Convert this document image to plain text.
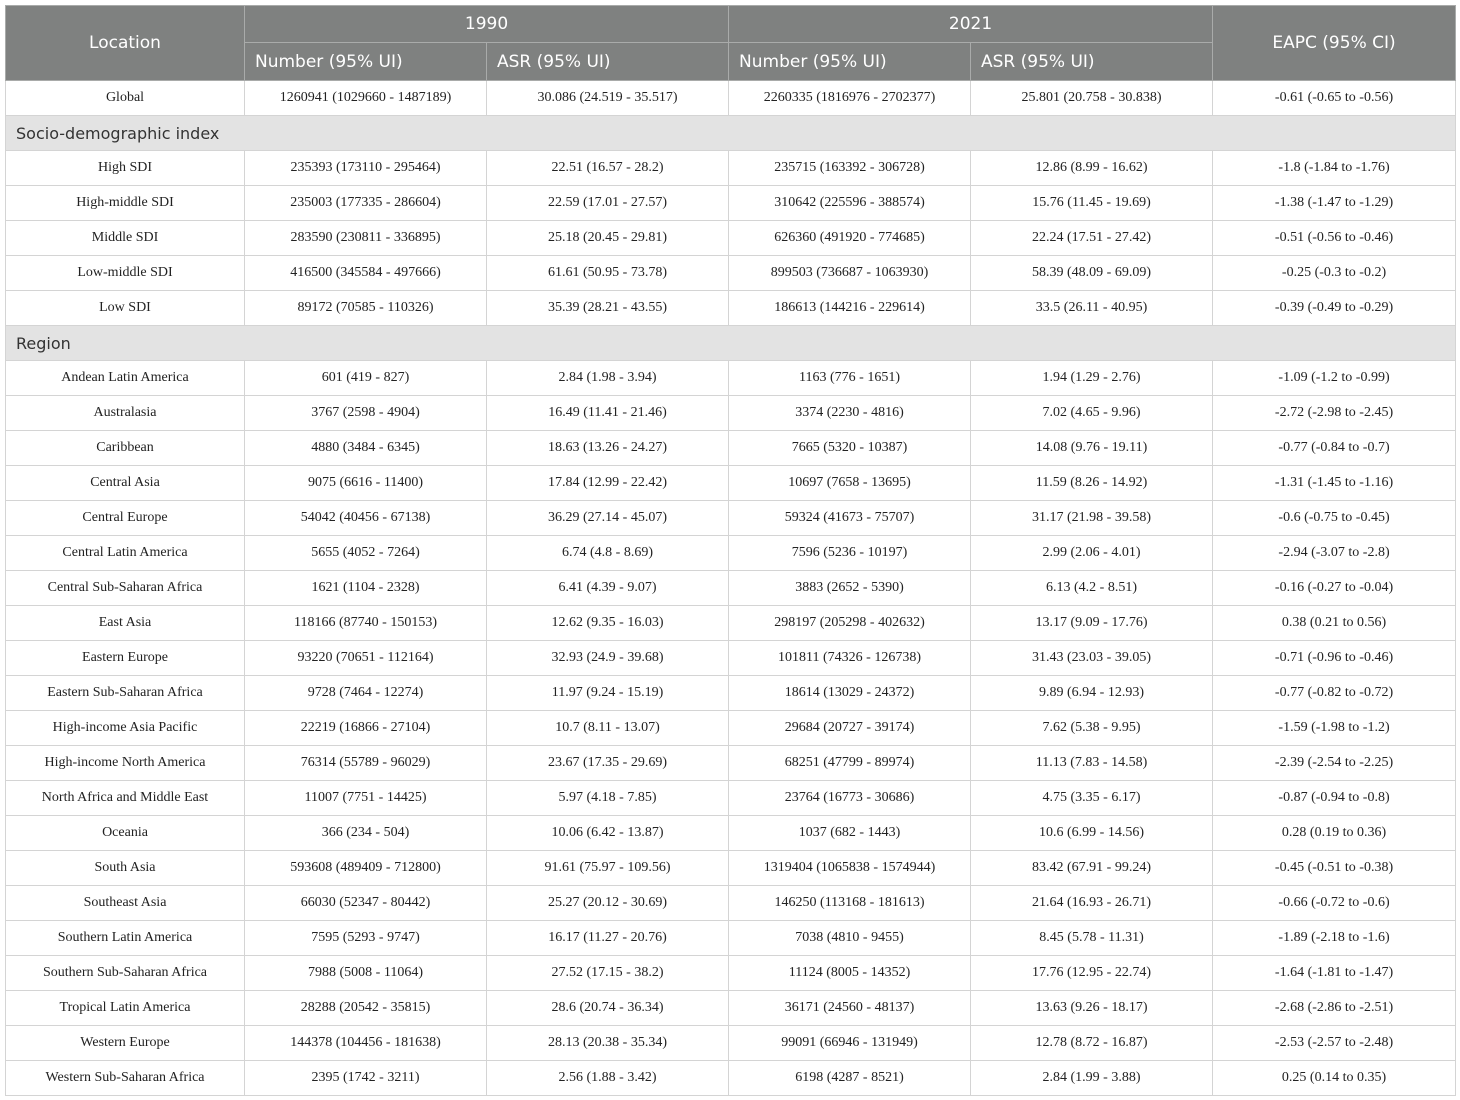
Location	1990		2021		EAPC (95% CI)
	Number (95% UI)	ASR (95% UI)	Number (95% UI)	ASR (95% UI)	
Global	1260941 (1029660 - 1487189)	30.086 (24.519 - 35.517)	2260335 (1816976 - 2702377)	25.801 (20.758 - 30.838)	-0.61 (-0.65 to -0.56)
Socio-demographic index					
High SDI	235393 (173110 - 295464)	22.51 (16.57 - 28.2)	235715 (163392 - 306728)	12.86 (8.99 - 16.62)	-1.8 (-1.84 to -1.76)
High-middle SDI	235003 (177335 - 286604)	22.59 (17.01 - 27.57)	310642 (225596 - 388574)	15.76 (11.45 - 19.69)	-1.38 (-1.47 to -1.29)
Middle SDI	283590 (230811 - 336895)	25.18 (20.45 - 29.81)	626360 (491920 - 774685)	22.24 (17.51 - 27.42)	-0.51 (-0.56 to -0.46)
Low-middle SDI	416500 (345584 - 497666)	61.61 (50.95 - 73.78)	899503 (736687 - 1063930)	58.39 (48.09 - 69.09)	-0.25 (-0.3 to -0.2)
Low SDI	89172 (70585 - 110326)	35.39 (28.21 - 43.55)	186613 (144216 - 229614)	33.5 (26.11 - 40.95)	-0.39 (-0.49 to -0.29)
Region					
Andean Latin America	601 (419 - 827)	2.84 (1.98 - 3.94)	1163 (776 - 1651)	1.94 (1.29 - 2.76)	-1.09 (-1.2 to -0.99)
Australasia	3767 (2598 - 4904)	16.49 (11.41 - 21.46)	3374 (2230 - 4816)	7.02 (4.65 - 9.96)	-2.72 (-2.98 to -2.45)
Caribbean	4880 (3484 - 6345)	18.63 (13.26 - 24.27)	7665 (5320 - 10387)	14.08 (9.76 - 19.11)	-0.77 (-0.84 to -0.7)
Central Asia	9075 (6616 - 11400)	17.84 (12.99 - 22.42)	10697 (7658 - 13695)	11.59 (8.26 - 14.92)	-1.31 (-1.45 to -1.16)
Central Europe	54042 (40456 - 67138)	36.29 (27.14 - 45.07)	59324 (41673 - 75707)	31.17 (21.98 - 39.58)	-0.6 (-0.75 to -0.45)
Central Latin America	5655 (4052 - 7264)	6.74 (4.8 - 8.69)	7596 (5236 - 10197)	2.99 (2.06 - 4.01)	-2.94 (-3.07 to -2.8)
Central Sub-Saharan Africa	1621 (1104 - 2328)	6.41 (4.39 - 9.07)	3883 (2652 - 5390)	6.13 (4.2 - 8.51)	-0.16 (-0.27 to -0.04)
East Asia	118166 (87740 - 150153)	12.62 (9.35 - 16.03)	298197 (205298 - 402632)	13.17 (9.09 - 17.76)	0.38 (0.21 to 0.56)
Eastern Europe	93220 (70651 - 112164)	32.93 (24.9 - 39.68)	101811 (74326 - 126738)	31.43 (23.03 - 39.05)	-0.71 (-0.96 to -0.46)
Eastern Sub-Saharan Africa	9728 (7464 - 12274)	11.97 (9.24 - 15.19)	18614 (13029 - 24372)	9.89 (6.94 - 12.93)	-0.77 (-0.82 to -0.72)
High-income Asia Pacific	22219 (16866 - 27104)	10.7 (8.11 - 13.07)	29684 (20727 - 39174)	7.62 (5.38 - 9.95)	-1.59 (-1.98 to -1.2)
High-income North America	76314 (55789 - 96029)	23.67 (17.35 - 29.69)	68251 (47799 - 89974)	11.13 (7.83 - 14.58)	-2.39 (-2.54 to -2.25)
North Africa and Middle East	11007 (7751 - 14425)	5.97 (4.18 - 7.85)	23764 (16773 - 30686)	4.75 (3.35 - 6.17)	-0.87 (-0.94 to -0.8)
Oceania	366 (234 - 504)	10.06 (6.42 - 13.87)	1037 (682 - 1443)	10.6 (6.99 - 14.56)	0.28 (0.19 to 0.36)
South Asia	593608 (489409 - 712800)	91.61 (75.97 - 109.56)	1319404 (1065838 - 1574944)	83.42 (67.91 - 99.24)	-0.45 (-0.51 to -0.38)
Southeast Asia	66030 (52347 - 80442)	25.27 (20.12 - 30.69)	146250 (113168 - 181613)	21.64 (16.93 - 26.71)	-0.66 (-0.72 to -0.6)
Southern Latin America	7595 (5293 - 9747)	16.17 (11.27 - 20.76)	7038 (4810 - 9455)	8.45 (5.78 - 11.31)	-1.89 (-2.18 to -1.6)
Southern Sub-Saharan Africa	7988 (5008 - 11064)	27.52 (17.15 - 38.2)	11124 (8005 - 14352)	17.76 (12.95 - 22.74)	-1.64 (-1.81 to -1.47)
Tropical Latin America	28288 (20542 - 35815)	28.6 (20.74 - 36.34)	36171 (24560 - 48137)	13.63 (9.26 - 18.17)	-2.68 (-2.86 to -2.51)
Western Europe	144378 (104456 - 181638)	28.13 (20.38 - 35.34)	99091 (66946 - 131949)	12.78 (8.72 - 16.87)	-2.53 (-2.57 to -2.48)
Western Sub-Saharan Africa	2395 (1742 - 3211)	2.56 (1.88 - 3.42)	6198 (4287 - 8521)	2.84 (1.99 - 3.88)	0.25 (0.14 to 0.35)
